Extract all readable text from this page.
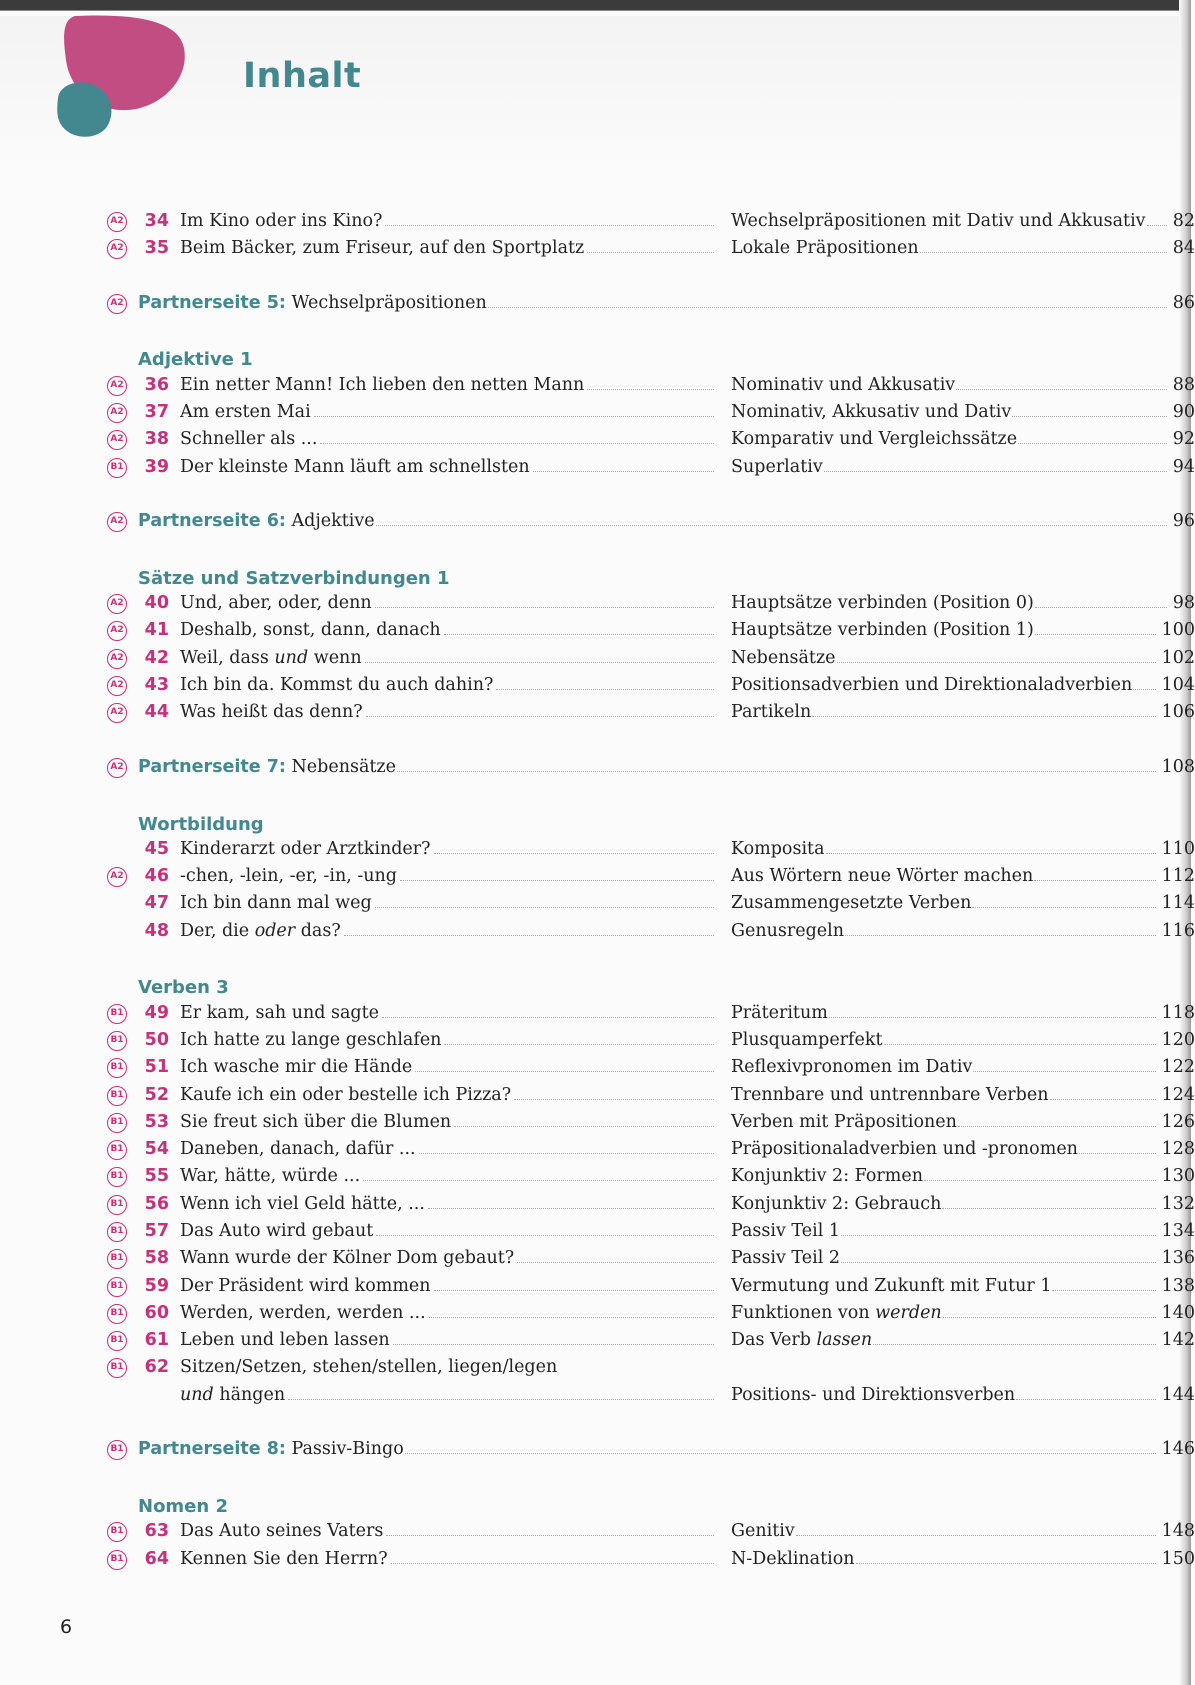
Inhalt
A2	34 Im Kino oder ins Kino?	Wechselpräpositionen mit Dativ und Akkusativ 82
A2	35 Beim Bäcker, zum Friseur, auf den Sportplatz	Lokale Präpositionen	84
A2 Partnerseite 5: Wechselpräpositionen	86
Adjektive 1
A2	36 Ein netter Mann! Ich lieben den netten Mann	Nominativ und Akkusativ	88
A2	37 Am ersten Mai	Nominativ, Akkusativ und Dativ	90
A2	38 Schneller als ...	Komparativ und Vergleichssätze	92
B1	39 Der kleinste Mann läuft am schnellsten	Superlativ	94
A2 Partnerseite 6: Adjektive	96
Sätze und Satzverbindungen 1
A2	40 Und, aber, oder, denn	Hauptsätze verbinden (Position 0)	98
A2	41 Deshalb, sonst, dann, danach	Hauptsätze verbinden (Position 1)	100
A2	42 Weil, dass und wenn	Nebensätze	102
A2	43 Ich bin da. Kommst du auch dahin?	Positionsadverbien und Direktionaladverbien 104
A2	44 Was heißt das denn?	Partikeln	106
A2 Partnerseite 7: Nebensätze	108
Wortbildung
45 Kinderarzt oder Arztkinder?	Komposita	110
A2	46 -chen, -lein, -er, -in, -ung	Aus Wörtern neue Wörter machen	112
47 Ich bin dann mal weg	Zusammengesetzte Verben	114
48 Der, die oder das?	Genusregeln	116
Verben 3
B1	49 Er kam, sah und sagte	Präteritum	118
B1	50 Ich hatte zu lange geschlafen	Plusquamperfekt	120
B1	51 Ich wasche mir die Hände	Reflexivpronomen im Dativ	122
B1	52 Kaufe ich ein oder bestelle ich Pizza?	Trennbare und untrennbare Verben	124
B1	53 Sie freut sich über die Blumen	Verben mit Präpositionen	126
B1	54 Daneben, danach, dafür ...	Präpositionaladverbien und -pronomen	128
B1	55 War, hätte, würde ...	Konjunktiv 2: Formen	130
B1	56 Wenn ich viel Geld hätte, ...	Konjunktiv 2: Gebrauch	132
B1	57 Das Auto wird gebaut	Passiv Teil 1	134
B1	58 Wann wurde der Kölner Dom gebaut?	Passiv Teil 2	136
B1	59 Der Präsident wird kommen	Vermutung und Zukunft mit Futur 1	138
B1	60 Werden, werden, werden ...	Funktionen von werden	140
B1	61 Leben und leben lassen	Das Verb lassen	142
B1	62 Sitzen/Setzen, stehen/stellen, liegen/legen
und hängen	Positions- und Direktionsverben	144
B1 Partnerseite 8: Passiv-Bingo	146
Nomen 2
B1	63 Das Auto seines Vaters	Genitiv	148
B1	64 Kennen Sie den Herrn?	N-Deklination	150
6
